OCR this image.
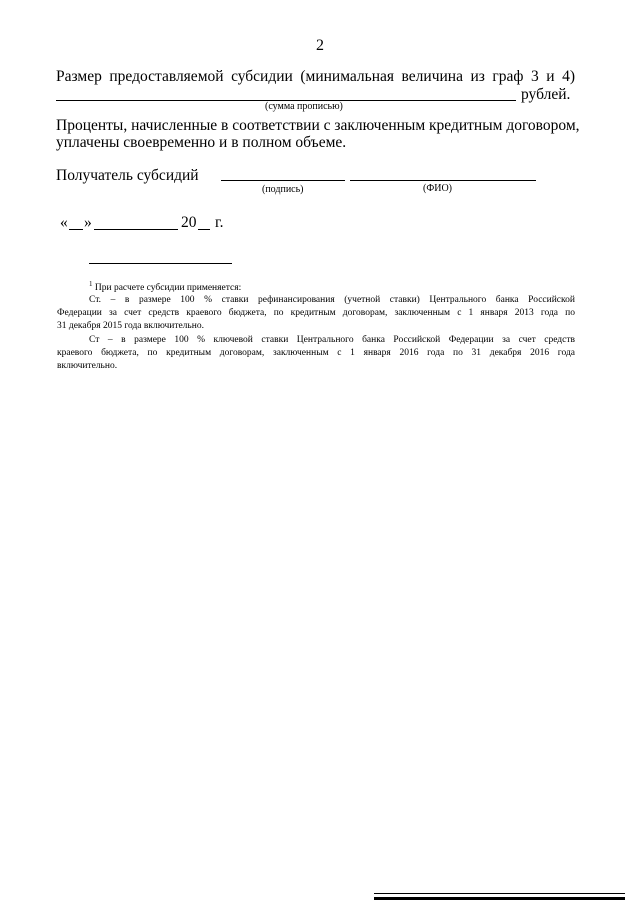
2
Размер предоставляемой субсидии (минимальная величина из граф 3 и 4)
рублей.
(сумма прописью)
Проценты, начисленные в соответствии с заключенным кредитным договором,
уплачены своевременно и в полном объеме.
Получатель субсидий
(подпись)	(ФИО)
« »	20 г.
$^1$ При расчете субсидии применяется:
Ст. – в размере 100 % ставки рефинансирования (учетной ставки) Центрального банка Российской
Федерации за счет средств краевого бюджета, по кредитным договорам, заключенным с 1 января 2013 года по
31 декабря 2015 года включительно.
Ст – в размере 100 % ключевой ставки Центрального банка Российской Федерации за счет средств
краевого бюджета, по кредитным договорам, заключенным с 1 января 2016 года по 31 декабря 2016 года
включительно.
